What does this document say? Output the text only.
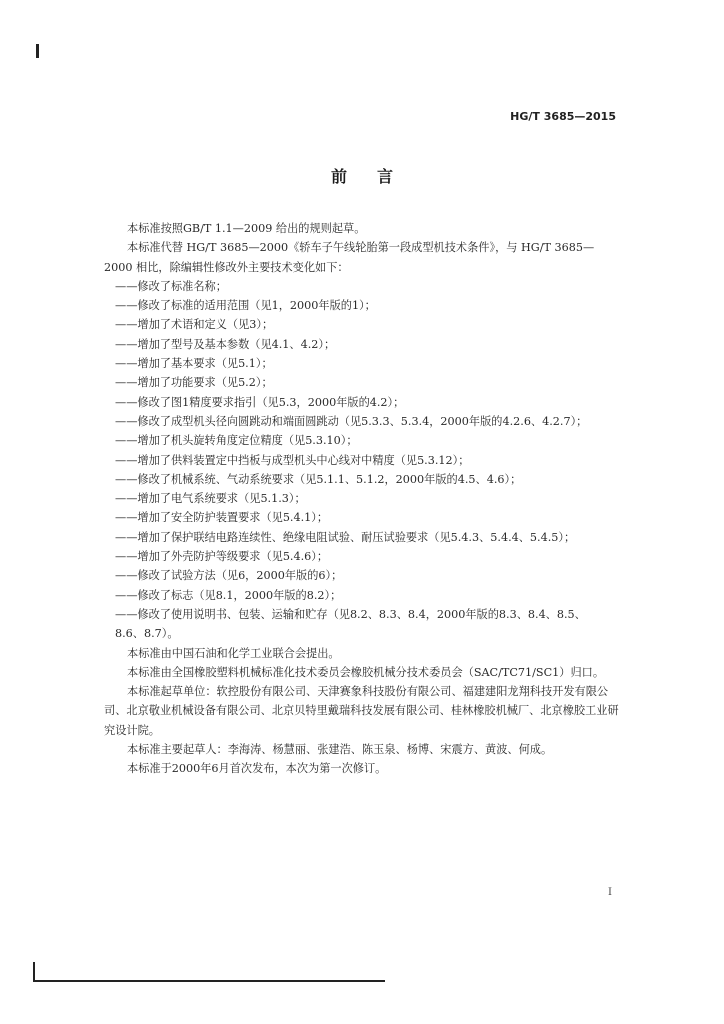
HG/T 3685—2015
前言

本标准按照GB/T 1.1—2009 给出的规则起草。

本标准代替 HG/T 3685—2000《轿车子午线轮胎第一段成型机技术条件》，与 HG/T 3685—2000 相比，除编辑性修改外主要技术变化如下：

——修改了标准名称；

——修改了标准的适用范围（见1，2000年版的1）；

——增加了术语和定义（见3）；

——增加了型号及基本参数（见4.1、4.2）；

——增加了基本要求（见5.1）；

——增加了功能要求（见5.2）；

——修改了图1精度要求指引（见5.3，2000年版的4.2）；

——修改了成型机头径向圆跳动和端面圆跳动（见5.3.3、5.3.4，2000年版的4.2.6、4.2.7）；

——增加了机头旋转角度定位精度（见5.3.10）；

——增加了供料装置定中挡板与成型机头中心线对中精度（见5.3.12）；

——修改了机械系统、气动系统要求（见5.1.1、5.1.2，2000年版的4.5、4.6）；

——增加了电气系统要求（见5.1.3）；

——增加了安全防护装置要求（见5.4.1）；

——增加了保护联结电路连续性、绝缘电阻试验、耐压试验要求（见5.4.3、5.4.4、5.4.5）；

——增加了外壳防护等级要求（见5.4.6）；

——修改了试验方法（见6，2000年版的6）；

——修改了标志（见8.1，2000年版的8.2）；

——修改了使用说明书、包装、运输和贮存（见8.2、8.3、8.4，2000年版的8.3、8.4、8.5、

8.6、8.7）。

本标准由中国石油和化学工业联合会提出。

本标准由全国橡胶塑料机械标准化技术委员会橡胶机械分技术委员会（SAC/TC71/SC1）归口。

本标准起草单位：软控股份有限公司、天津赛象科技股份有限公司、福建建阳龙翔科技开发有限公司、北京敬业机械设备有限公司、北京贝特里戴瑞科技发展有限公司、桂林橡胶机械厂、北京橡胶工业研究设计院。

本标准主要起草人：李海涛、杨慧丽、张建浩、陈玉泉、杨博、宋震方、黄波、何成。

本标准于2000年6月首次发布，本次为第一次修订。

I
